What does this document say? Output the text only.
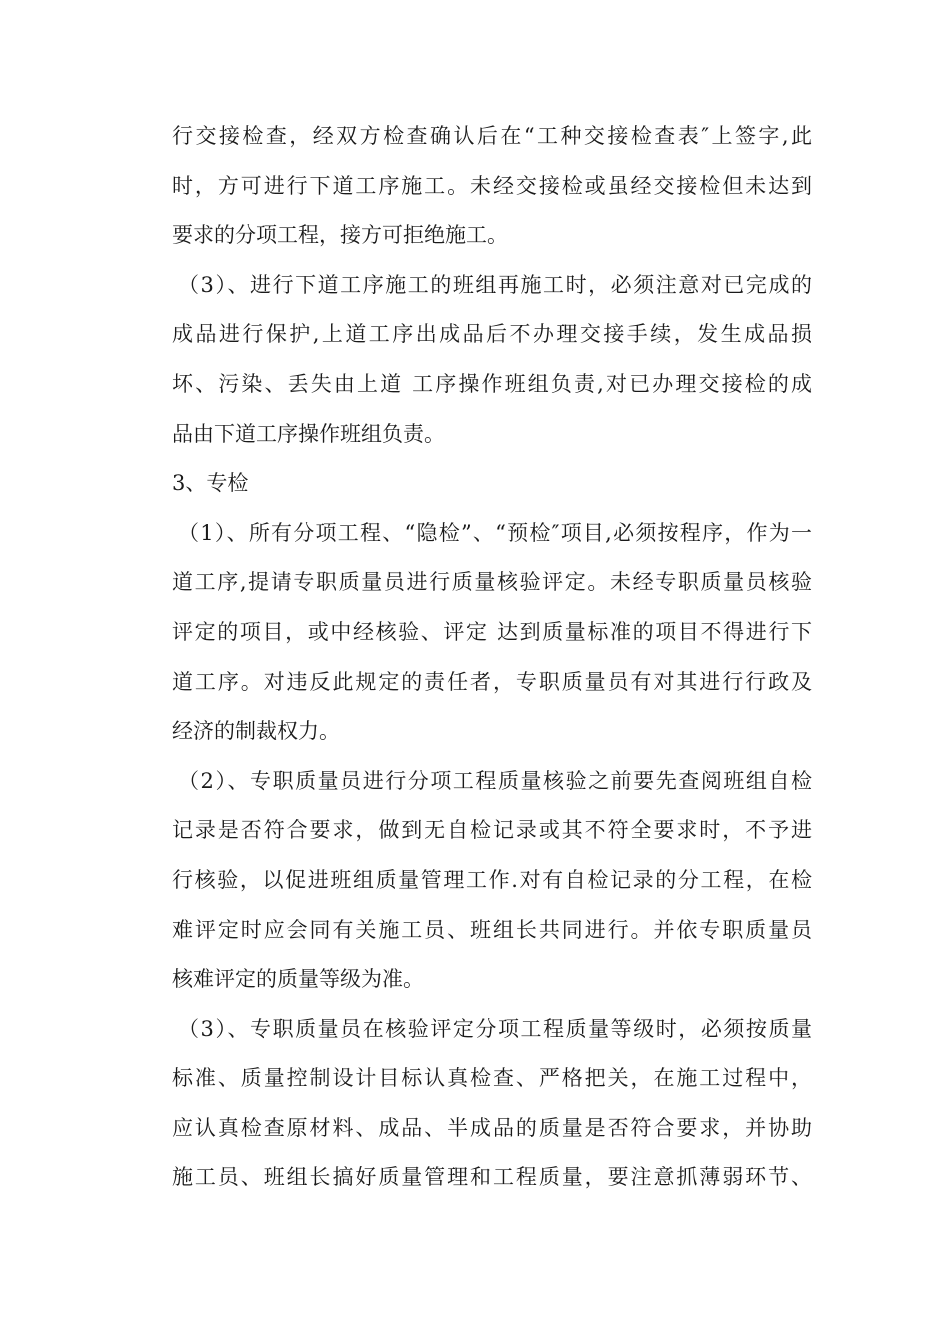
行交接检查，经双方检查确认后在“工种交接检查表″上签字,此
时，方可进行下道工序施工。未经交接检或虽经交接检但未达到
要求的分项工程，接方可拒绝施工。
（3）、进行下道工序施工的班组再施工时，必须注意对已完成的
成品进行保护,上道工序出成品后不办理交接手续，发生成品损
坏、污染、丢失由上道 工序操作班组负责,对已办理交接检的成
品由下道工序操作班组负责。
3、专检
（1）、所有分项工程、“隐检”、“预检″项目,必须按程序，作为一
道工序,提请专职质量员进行质量核验评定。未经专职质量员核验
评定的项目，或中经核验、评定 达到质量标准的项目不得进行下
道工序。对违反此规定的责任者，专职质量员有对其进行行政及
经济的制裁权力。
（2）、专职质量员进行分项工程质量核验之前要先查阅班组自检
记录是否符合要求，做到无自检记录或其不符全要求时，不予进
行核验，以促进班组质量管理工作.对有自检记录的分工程，在检
难评定时应会同有关施工员、班组长共同进行。并依专职质量员
核难评定的质量等级为准。
（3）、专职质量员在核验评定分项工程质量等级时，必须按质量
标准、质量控制设计目标认真检查、严格把关，在施工过程中，
应认真检查原材料、成品、半成品的质量是否符合要求，并协助
施工员、班组长搞好质量管理和工程质量，要注意抓薄弱环节、
